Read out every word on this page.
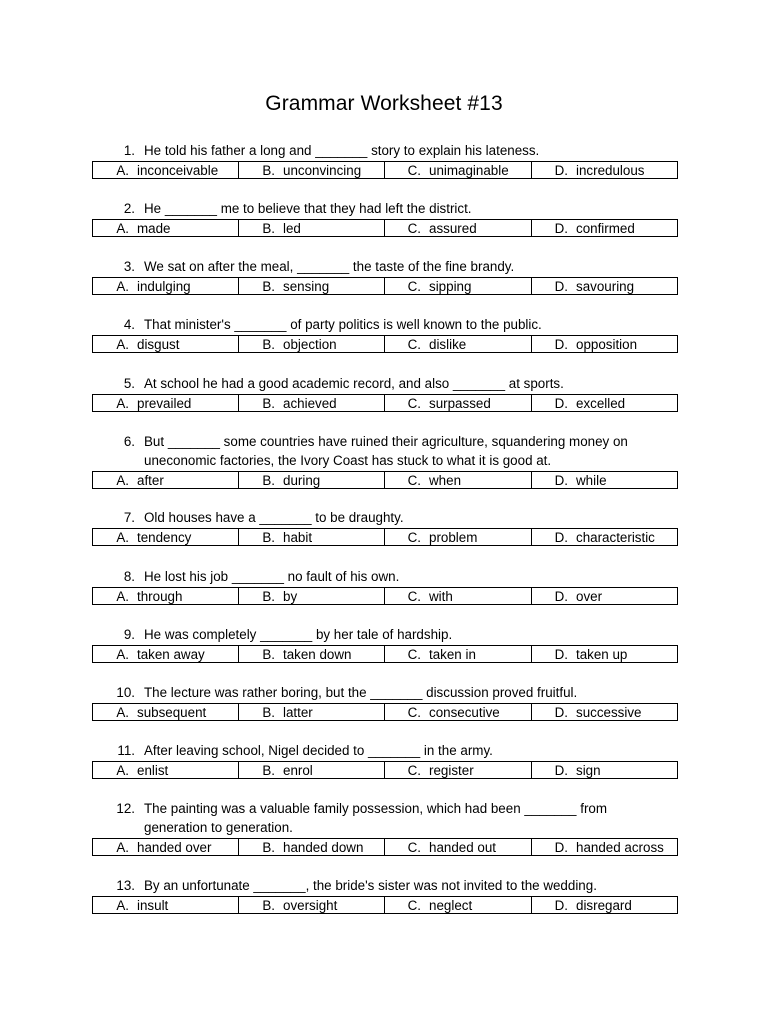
Grammar Worksheet #13
1. He told his father a long and _______ story to explain his lateness.
A. inconceivable	B. unconvincing	C. unimaginable	D. incredulous
2. He _______ me to believe that they had left the district.
A. made	B. led	C. assured	D. confirmed
3. We sat on after the meal, _______ the taste of the fine brandy.
A. indulging	B. sensing	C. sipping	D. savouring
4. That minister's _______ of party politics is well known to the public.
A. disgust	B. objection	C. dislike	D. opposition
5. At school he had a good academic record, and also _______ at sports.
A. prevailed	B. achieved	C. surpassed	D. excelled
6. But _______ some countries have ruined their agriculture, squandering money on
uneconomic factories, the Ivory Coast has stuck to what it is good at.
A. after	B. during	C. when	D. while
7. Old houses have a _______ to be draughty.
A. tendency	B. habit	C. problem	D. characteristic
8. He lost his job _______ no fault of his own.
A. through	B. by	C. with	D. over
9. He was completely _______ by her tale of hardship.
A. taken away	B. taken down	C. taken in	D. taken up
10. The lecture was rather boring, but the _______ discussion proved fruitful.
A. subsequent	B. latter	C. consecutive	D. successive
11. After leaving school, Nigel decided to _______ in the army.
A. enlist	B. enrol	C. register	D. sign
12. The painting was a valuable family possession, which had been _______ from
generation to generation.
A. handed over	B. handed down	C. handed out	D. handed across
13. By an unfortunate _______, the bride's sister was not invited to the wedding.
A. insult	B. oversight	C. neglect	D. disregard
